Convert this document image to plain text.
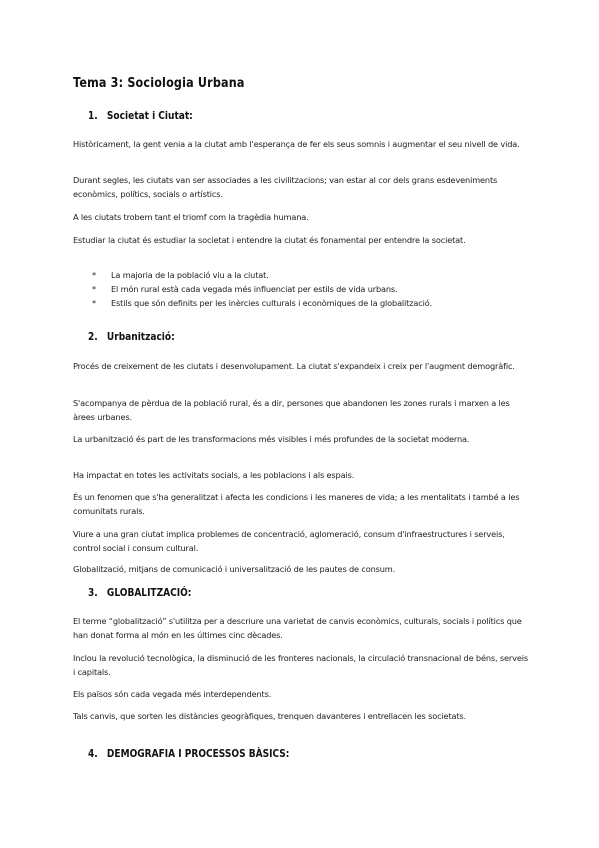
Tema 3: Sociologia Urbana
1. Societat i Ciutat:
Històricament, la gent venia a la ciutat amb l'esperança de fer els seus somnis i augmentar el seu nivell de vida.
Durant segles, les ciutats van ser associades a les civilitzacions; van estar al cor dels grans esdeveniments econòmics, polítics, socials o artístics.
A les ciutats trobem tant el triomf com la tragèdia humana.
Estudiar la ciutat és estudiar la societat i entendre la ciutat és fonamental per entendre la societat.
* La majoria de la població viu a la ciutat.
* El món rural està cada vegada més influenciat per estils de vida urbans.
* Estils que són definits per les inèrcies culturals i econòmiques de la globalització.
2. Urbanització:
Procés de creixement de les ciutats i desenvolupament. La ciutat s'expandeix i creix per l'augment demogràfic.
S'acompanya de pèrdua de la població rural, és a dir, persones que abandonen les zones rurals i marxen a les àrees urbanes.
La urbanització és part de les transformacions més visibles i més profundes de la societat moderna.
Ha impactat en totes les activitats socials, a les poblacions i als espais.
És un fenomen que s'ha generalitzat i afecta les condicions i les maneres de vida; a les mentalitats i també a les comunitats rurals.
Viure a una gran ciutat implica problemes de concentració, aglomeració, consum d'infraestructures i serveis, control social i consum cultural.
Globalització, mitjans de comunicació i universalització de les pautes de consum.
3. GLOBALITZACIÓ:
El terme “globalització” s'utilitza per a descriure una varietat de canvis econòmics, culturals, socials i polítics que han donat forma al món en les últimes cinc dècades.
Inclou la revolució tecnològica, la disminució de les fronteres nacionals, la circulació transnacional de béns, serveis i capitals.
Els països són cada vegada més interdependents.
Tals canvis, que sorten les distàncies geogràfiques, trenquen davanteres i entrellacen les societats.
4. DEMOGRAFIA I PROCESSOS BÀSICS:
